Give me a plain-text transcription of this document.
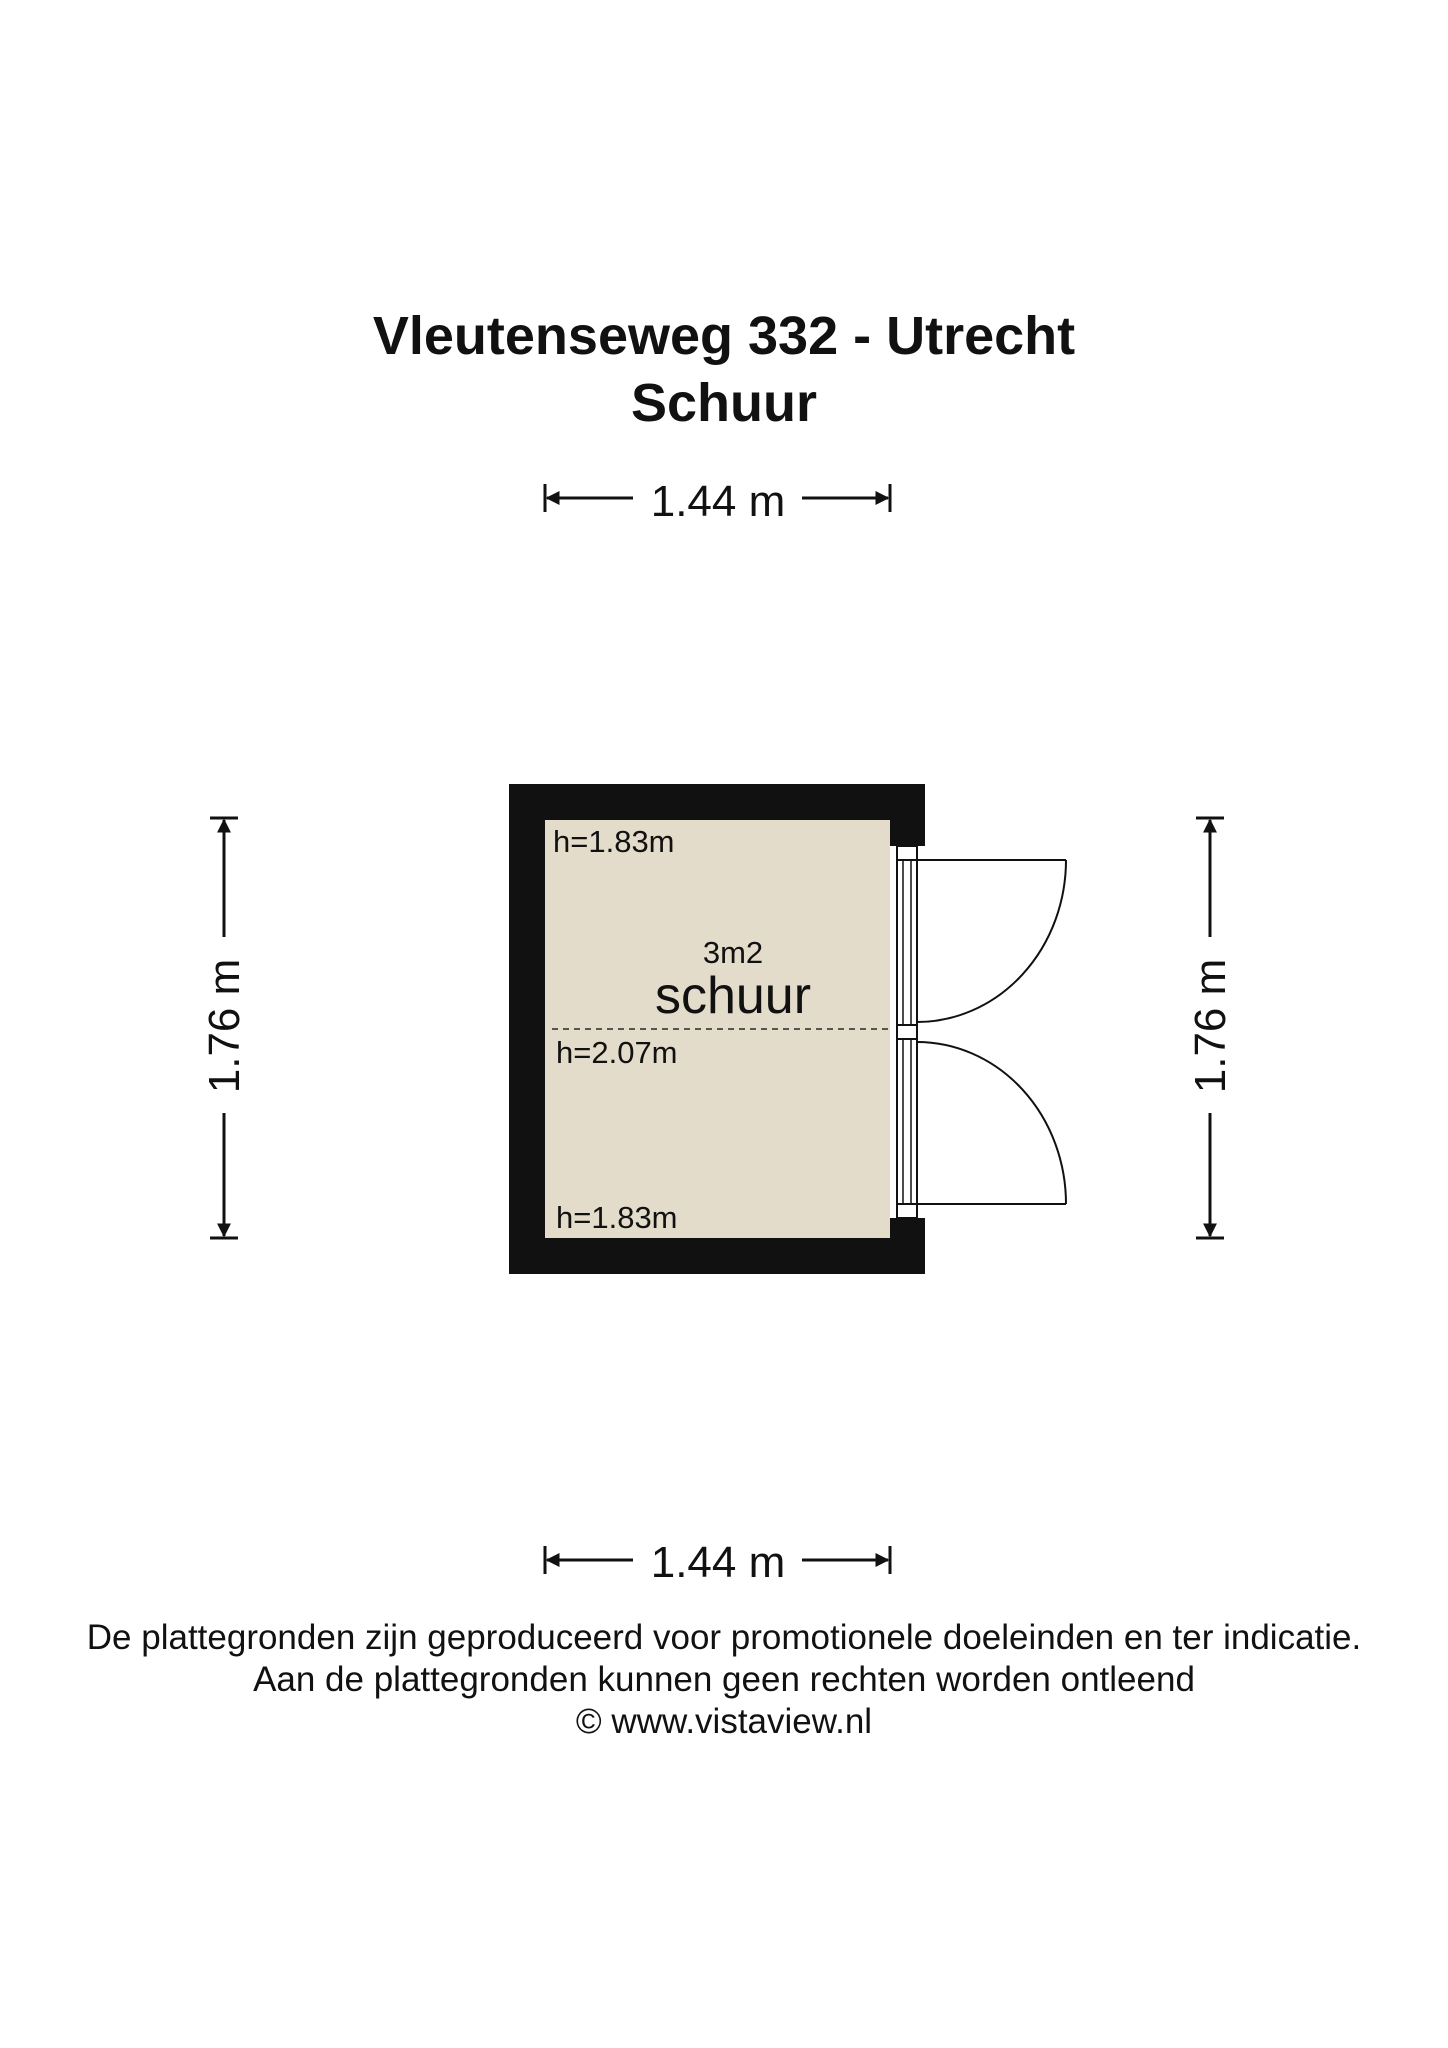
Vleutenseweg 332 - Utrecht
Schuur
1.44 m
1.44 m
1.76 m	1.76 m
h=1.83m
3m2
schuur
h=2.07m
h=1.83m
De plattegronden zijn geproduceerd voor promotionele doeleinden en ter indicatie.
Aan de plattegronden kunnen geen rechten worden ontleend
© www.vistaview.nl
